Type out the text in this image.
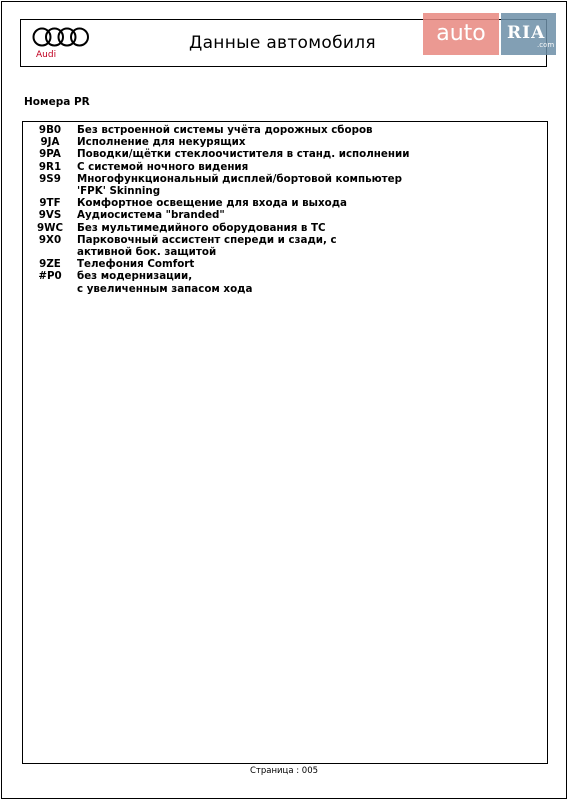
Audi
Данные автомобиля	auto	RIA
.com
Номера PR
9B0	Без встроенной системы учёта дорожных сборов
9JA	Исполнение для некурящих
9PA	Поводки/щётки стеклоочистителя в станд. исполнении
9R1	С системой ночного видения
9S9	Многофункциональный дисплей/бортовой компьютер
'FPK' Skinning
9TF	Комфортное освещение для входа и выхода
9VS	Аудиосистема "branded"
9WC	Без мультимедийного оборудования в ТС
9X0	Парковочный ассистент спереди и сзади, с
активной бок. защитой
9ZE	Телефония Comfort
#P0	без модернизации,
с увеличенным запасом хода
Страница : 005
